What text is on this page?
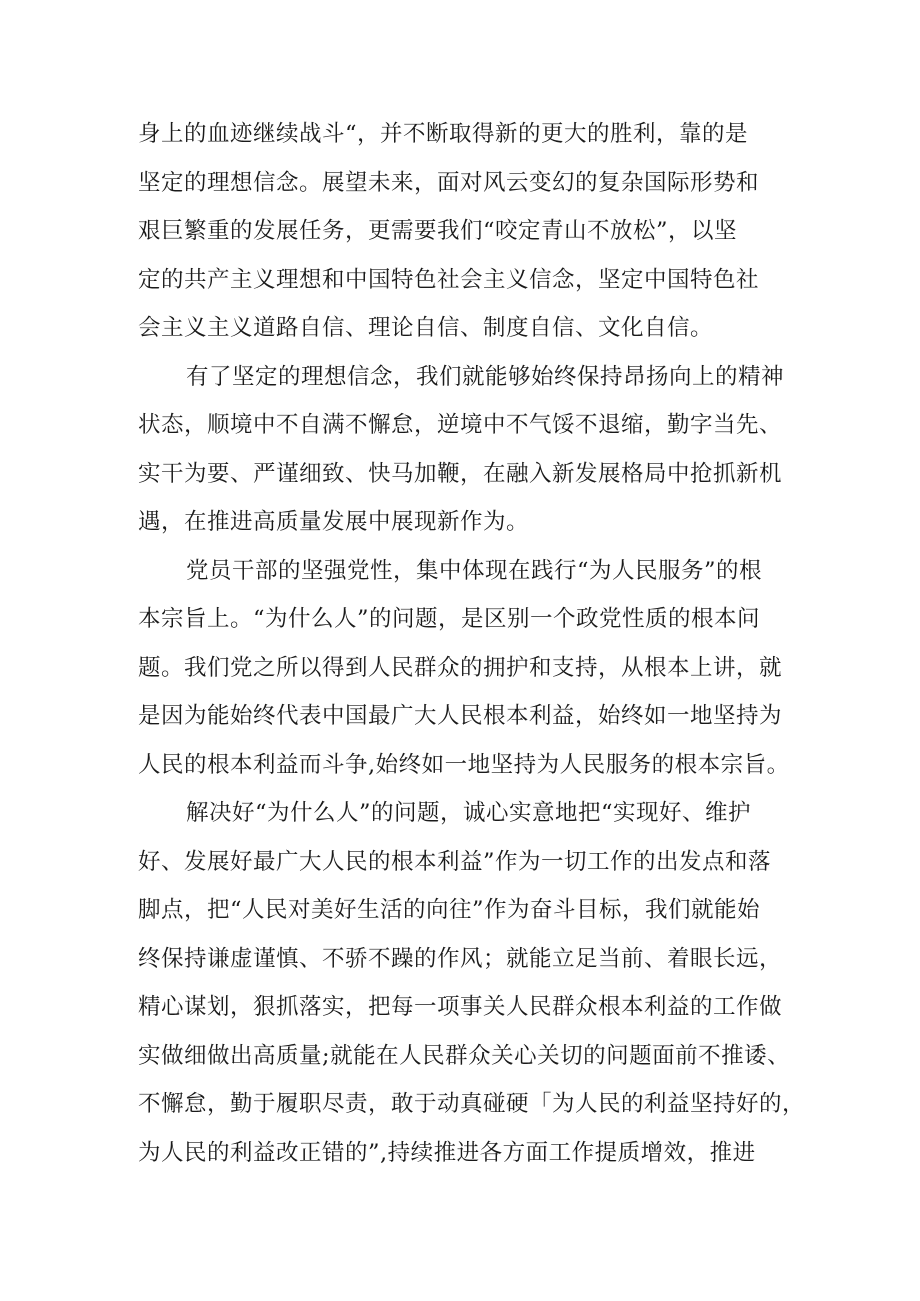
身上的血迹继续战斗“，并不断取得新的更大的胜利，靠的是
坚定的理想信念。展望未来，面对风云变幻的复杂国际形势和
艰巨繁重的发展任务，更需要我们“咬定青山不放松”，以坚
定的共产主义理想和中国特色社会主义信念，坚定中国特色社
会主义主义道路自信、理论自信、制度自信、文化自信。
有了坚定的理想信念，我们就能够始终保持昂扬向上的精神
状态，顺境中不自满不懈怠，逆境中不气馁不退缩，勤字当先、
实干为要、严谨细致、快马加鞭，在融入新发展格局中抢抓新机
遇，在推进高质量发展中展现新作为。
党员干部的坚强党性，集中体现在践行“为人民服务”的根
本宗旨上。“为什么人”的问题，是区别一个政党性质的根本问
题。我们党之所以得到人民群众的拥护和支持，从根本上讲，就
是因为能始终代表中国最广大人民根本利益，始终如一地坚持为
人民的根本利益而斗争,始终如一地坚持为人民服务的根本宗旨。
解决好“为什么人”的问题，诚心实意地把“实现好、维护
好、发展好最广大人民的根本利益”作为一切工作的出发点和落
脚点，把“人民对美好生活的向往”作为奋斗目标，我们就能始
终保持谦虚谨慎、不骄不躁的作风；就能立足当前、着眼长远，
精心谋划，狠抓落实，把每一项事关人民群众根本利益的工作做
实做细做出高质量;就能在人民群众关心关切的问题面前不推诿、
不懈怠，勤于履职尽责，敢于动真碰硬「为人民的利益坚持好的，
为人民的利益改正错的”,持续推进各方面工作提质增效，推进
